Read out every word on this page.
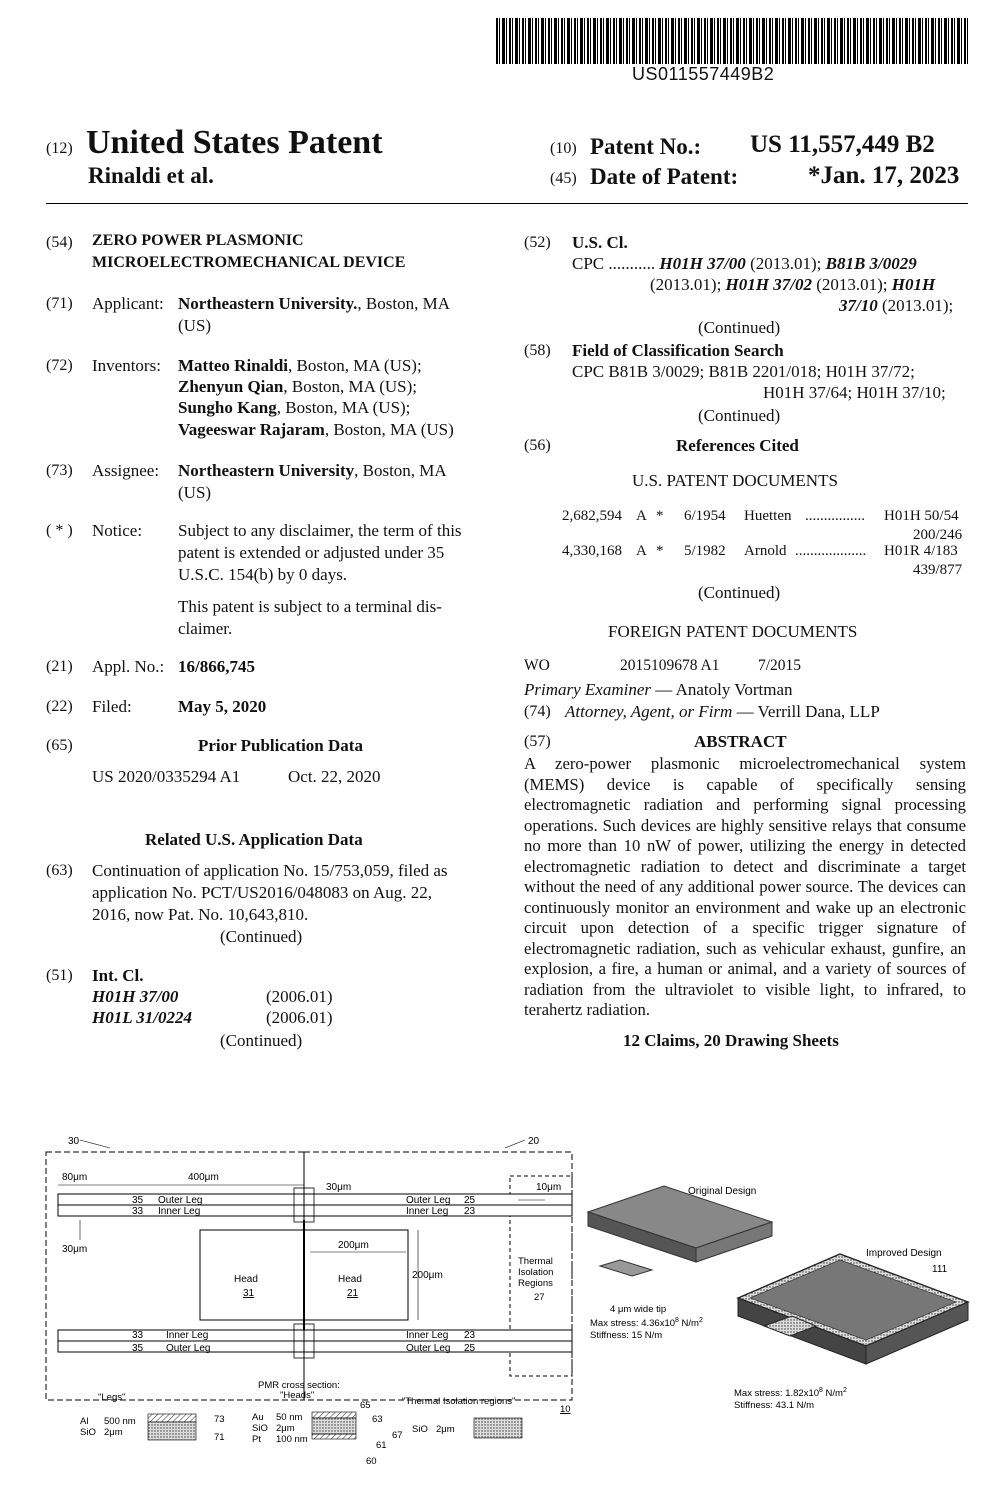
US011557449B2
(12) United States Patent
Rinaldi et al.
(10) Patent No.: US 11,557,449 B2
(45) Date of Patent:	*Jan. 17, 2023
(54) ZERO POWER PLASMONIC
MICROELECTROMECHANICAL DEVICE
(71) Applicant: Northeastern University., Boston, MA
(US)
(72) Inventors: Matteo Rinaldi, Boston, MA (US);
Zhenyun Qian, Boston, MA (US);
Sungho Kang, Boston, MA (US);
Vageeswar Rajaram, Boston, MA (US)
(73) Assignee: Northeastern University, Boston, MA
(US)
( * ) Notice: Subject to any disclaimer, the term of this
patent is extended or adjusted under 35
U.S.C. 154(b) by 0 days.
This patent is subject to a terminal dis-
claimer.
(21) Appl. No.: 16/866,745
(22) Filed:	May 5, 2020
(65)	Prior Publication Data
US 2020/0335294 A1	Oct. 22, 2020
Related U.S. Application Data
(63) Continuation of application No. 15/753,059, filed as
application No. PCT/US2016/048083 on Aug. 22,
2016, now Pat. No. 10,643,810.
(Continued)
(51) Int. Cl.
H01H 37/00	(2006.01)
H01L 31/0224	(2006.01)
(Continued)
(52) U.S. Cl.
CPC ........... H01H 37/00 (2013.01); B81B 3/0029
(2013.01); H01H 37/02 (2013.01); H01H
37/10 (2013.01);
(Continued)
(58) Field of Classification Search
CPC B81B 3/0029; B81B 2201/018; H01H 37/72;
H01H 37/64; H01H 37/10;
(Continued)
(56)	References Cited
U.S. PATENT DOCUMENTS
2,682,594 A * 6/1954 Huetten ................ H01H 50/54
200/246
4,330,168 A * 5/1982 Arnold ................... H01R 4/183
439/877
(Continued)
FOREIGN PATENT DOCUMENTS
WO	2015109678 A1 7/2015
Primary Examiner — Anatoly Vortman
(74) Attorney, Agent, or Firm — Verrill Dana, LLP
(57)	ABSTRACT
A zero-power plasmonic microelectromechanical system (MEMS) device is capable of specifically sensing electromagnetic radiation and performing signal processing operations. Such devices are highly sensitive relays that consume no more than 10 nW of power, utilizing the energy in detected electromagnetic radiation to detect and discriminate a target without the need of any additional power source. The devices can continuously monitor an environment and wake up an electronic circuit upon detection of a specific trigger signature of electromagnetic radiation, such as vehicular exhaust, gunfire, an explosion, a fire, a human or animal, and a variety of sources of radiation from the ultraviolet to visible light, to infrared, to terahertz radiation.
12 Claims, 20 Drawing Sheets
30	20
35 Outer Leg
33 Inner Leg
Outer Leg 25
Inner Leg 23
33 Inner Leg
35 Outer Leg
Inner Leg 23
Outer Leg 25
Head
31
Head
21
80μm	400μm
30μm
30μm	200μm
200μm
10μm
Thermal
Isolation
Regions
27
PMR cross section:
"Heads"
"Legs"	"Thermal Isolation regions"
Al 500 nm
SiO 2μm
73
71
Au 50 nm
SiO 2μm
Pt 100 nm
65
63
67
61
60
SiO 2μm
10
Original Design
Improved Design
111
4 μm wide tip
Max stress: $4.36x10^8$ $N/m^2$
Stiffness: 15 N/m
Max stress: $1.82x10^8$ $N/m^2$
Stiffness: 43.1 N/m
